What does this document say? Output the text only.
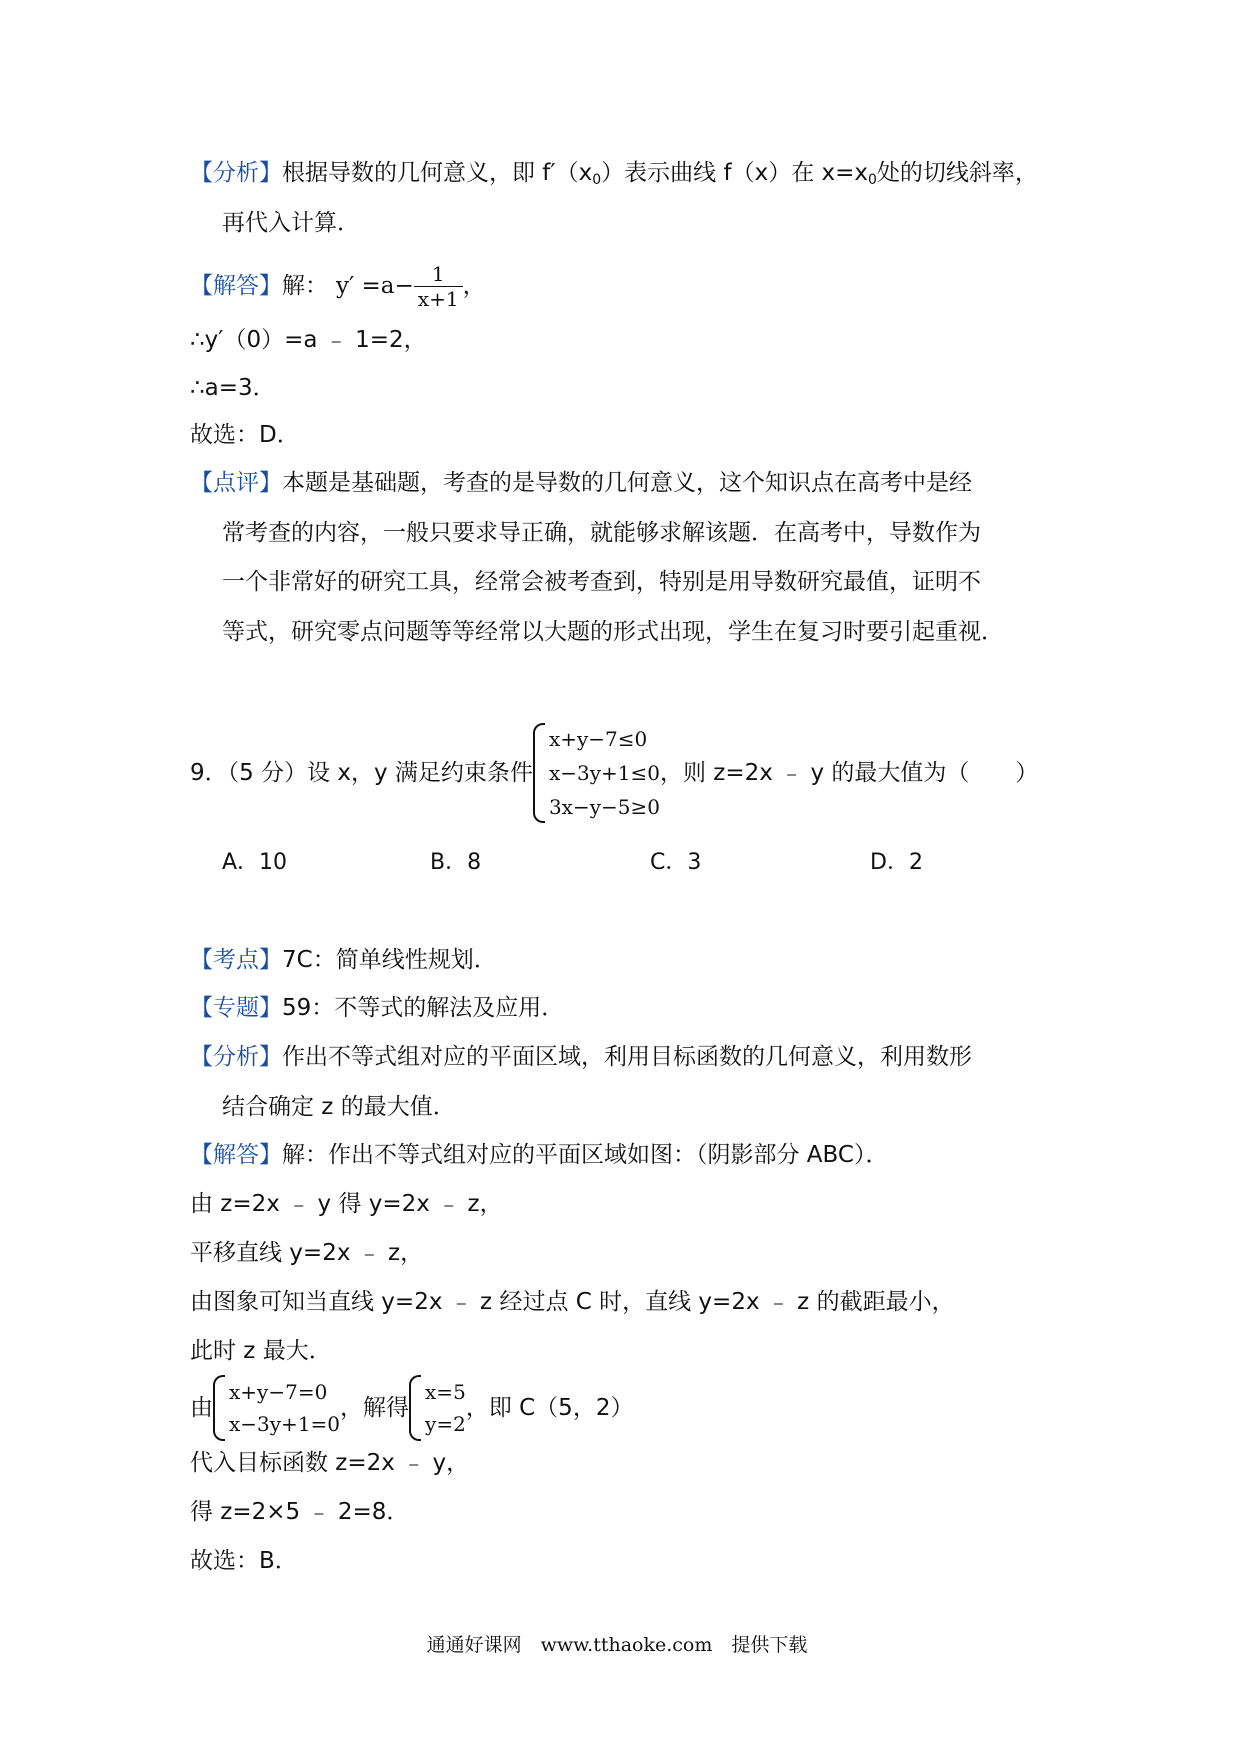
【分析】根据导数的几何意义，即 $f'(x_0)$表示曲线 f（x）在 $x=x_0$处的切线斜率，
再代入计算．
【解答】 解： $y' =a- \frac{1}{x+1}$ ，
∴y′（0）=a ﹣ 1=2，
∴a=3．
故选：D．
【点评】本题是基础题，考查的是导数的几何意义，这个知识点在高考中是经
常考查的内容，一般只要求导正确，就能够求解该题．在高考中，导数作为
一个非常好的研究工具，经常会被考查到，特别是用导数研究最值，证明不
等式，研究零点问题等等经常以大题的形式出现，学生在复习时要引起重视．
9．（5 分）设 x，y 满足约束条件
x+y−7≤0
x−3y+1≤0
3x−y−5≥0
，则 z=2x ﹣ y 的最大值为（　　）
A．10	B．8	C．3	D．2
【考点】7C：简单线性规划．
【专题】59：不等式的解法及应用．
【分析】作出不等式组对应的平面区域，利用目标函数的几何意义，利用数形
结合确定 z 的最大值．
【解答】解：作出不等式组对应的平面区域如图：（阴影部分 ABC）．
由 z=2x ﹣ y 得 y=2x ﹣ z，
平移直线 y=2x ﹣ z，
由图象可知当直线 y=2x ﹣ z 经过点 C 时，直线 y=2x ﹣ z 的截距最小，
此时 z 最大．
由
x+y−7=0
x−3y+1=0
，解得
x=5
y=2
，即 C（5，2）
代入目标函数 z=2x ﹣ y，
得 z=2×5 ﹣ 2=8．
故选：B．
通通好课网　www.tthaoke.com　提供下载
